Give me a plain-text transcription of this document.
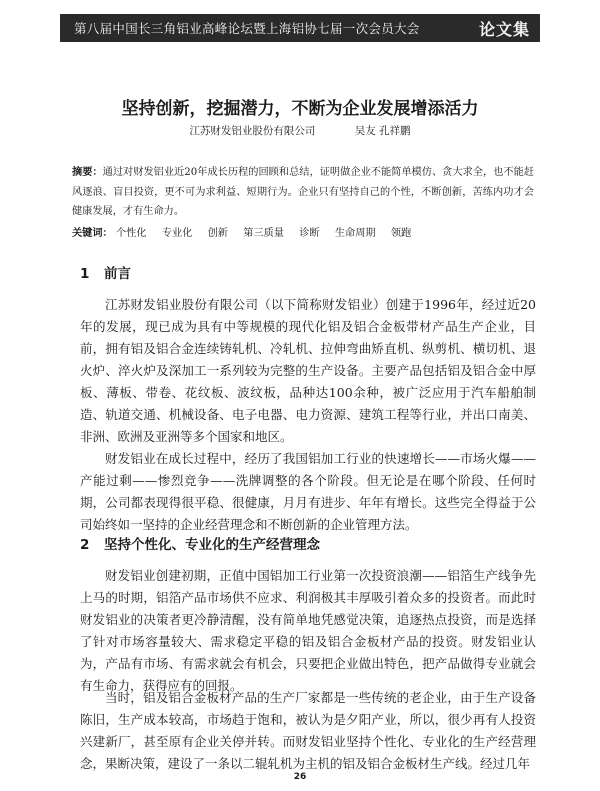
第八届中国长三角铝业高峰论坛暨上海铝协七届一次会员大会	论文集
坚持创新，挖掘潜力，不断为企业发展增添活力
江苏财发铝业股份有限公司	吴友 孔祥鹏
摘要：通过对财发铝业近20年成长历程的回顾和总结，证明做企业不能简单模仿、贪大求全，也不能赶风逐浪、盲目投资，更不可为求利益、短期行为。企业只有坚持自己的个性，不断创新，苦练内功才会健康发展，才有生命力。
关键词： 个性化 专业化 创新 第三质量 诊断 生命周期 领跑
1 前言

江苏财发铝业股份有限公司（以下简称财发铝业）创建于1996年，经过近20年的发展，现已成为具有中等规模的现代化铝及铝合金板带材产品生产企业，目前，拥有铝及铝合金连续铸轧机、冷轧机、拉伸弯曲矫直机、纵剪机、横切机、退火炉、淬火炉及深加工一系列较为完整的生产设备。主要产品包括铝及铝合金中厚板、薄板、带卷、花纹板、波纹板，品种达100余种，被广泛应用于汽车船舶制造、轨道交通、机械设备、电子电器、电力资源、建筑工程等行业，并出口南美、非洲、欧洲及亚洲等多个国家和地区。

财发铝业在成长过程中，经历了我国铝加工行业的快速增长——市场火爆——产能过剩——惨烈竞争——洗牌调整的各个阶段。但无论是在哪个阶段、任何时期，公司都表现得很平稳、很健康，月月有进步、年年有增长。这些完全得益于公司始终如一坚持的企业经营理念和不断创新的企业管理方法。

2 坚持个性化、专业化的生产经营理念

财发铝业创建初期，正值中国铝加工行业第一次投资浪潮——铝箔生产线争先上马的时期，铝箔产品市场供不应求、利润极其丰厚吸引着众多的投资者。而此时财发铝业的决策者更冷静清醒，没有简单地凭感觉决策，追逐热点投资，而是选择了针对市场容量较大、需求稳定平稳的铝及铝合金板材产品的投资。财发铝业认为，产品有市场、有需求就会有机会，只要把企业做出特色，把产品做得专业就会有生命力，获得应有的回报。

当时，铝及铝合金板材产品的生产厂家都是一些传统的老企业，由于生产设备陈旧，生产成本较高，市场趋于饱和，被认为是夕阳产业，所以，很少再有人投资兴建新厂，甚至原有企业关停并转。而财发铝业坚持个性化、专业化的生产经营理念，果断决策，建设了一条以二辊轧机为主机的铝及铝合金板材生产线。经过几年

26
